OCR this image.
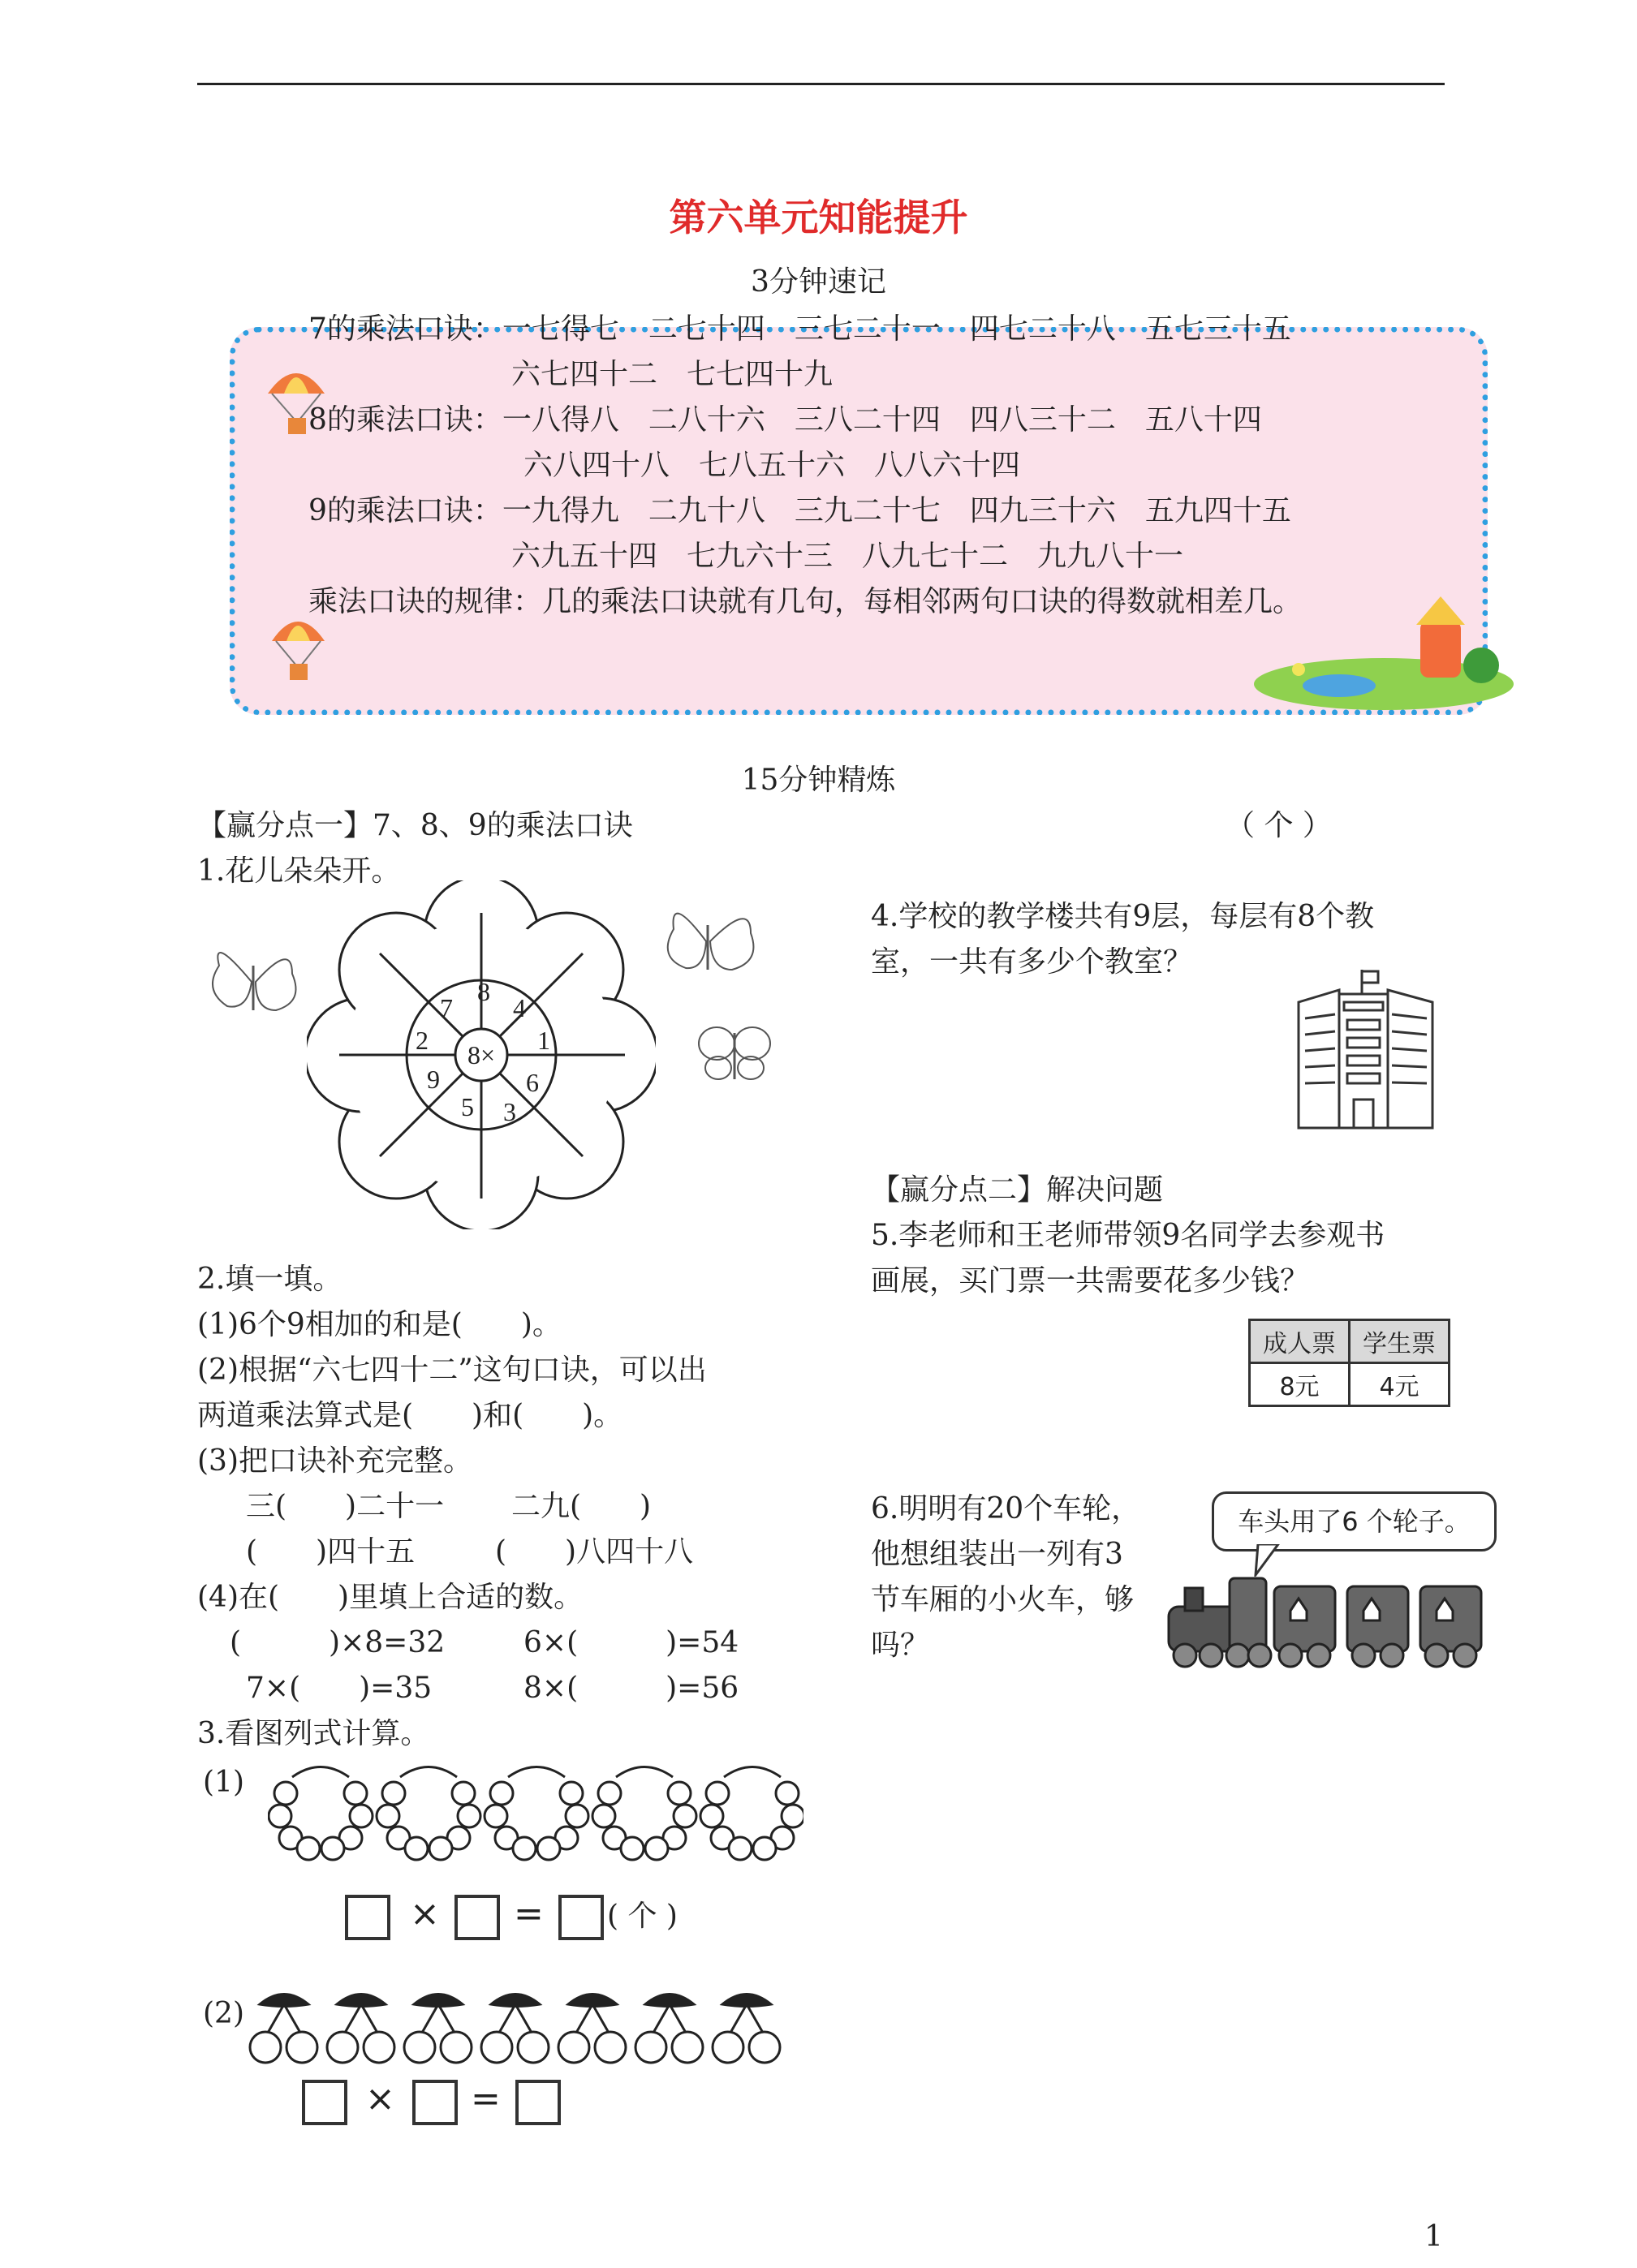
第六单元知能提升
3分钟速记
7的乘法口诀：一七得七　二七十四　三七二十一　四七二十八　五七三十五
六七四十二　七七四十九
8的乘法口诀：一八得八　二八十六　三八二十四　四八三十二　五八十四
六八四十八　七八五十六　八八六十四
9的乘法口诀：一九得九　二九十八　三九二十七　四九三十六　五九四十五
六九五十四　七九六十三　八九七十二　九九八十一
乘法口诀的规律：几的乘法口诀就有几句，每相邻两句口诀的得数就相差几。
15分钟精炼
【赢分点一】7、8、9的乘法口诀	（ 个 ）
1.花儿朵朵开。
8×
8
4
1
6
3
5
9
2
7
2.填一填。
(1)6个9相加的和是(　　)。
(2)根据“六七四十二”这句口诀，可以出
两道乘法算式是(　　)和(　　)。
(3)把口诀补充完整。
三(　　)二十一 二九(　　)
(　　)四十五	(　　)八四十八
(4)在(　　)里填上合适的数。
(　　　)×8=32	6×(　　　)=54
7×(　　)=35	8×(　　　)=56
3.看图列式计算。
(1)
× = ( 个 )
(2)
× =
4.学校的教学楼共有9层，每层有8个教
室，一共有多少个教室？
【赢分点二】解决问题
5.李老师和王老师带领9名同学去参观书
画展，买门票一共需要花多少钱？
成人票	学生票
8元	4元
6.明明有20个车轮，
他想组装出一列有3
节车厢的小火车，够
吗？
车头用了6 个轮子。
1
